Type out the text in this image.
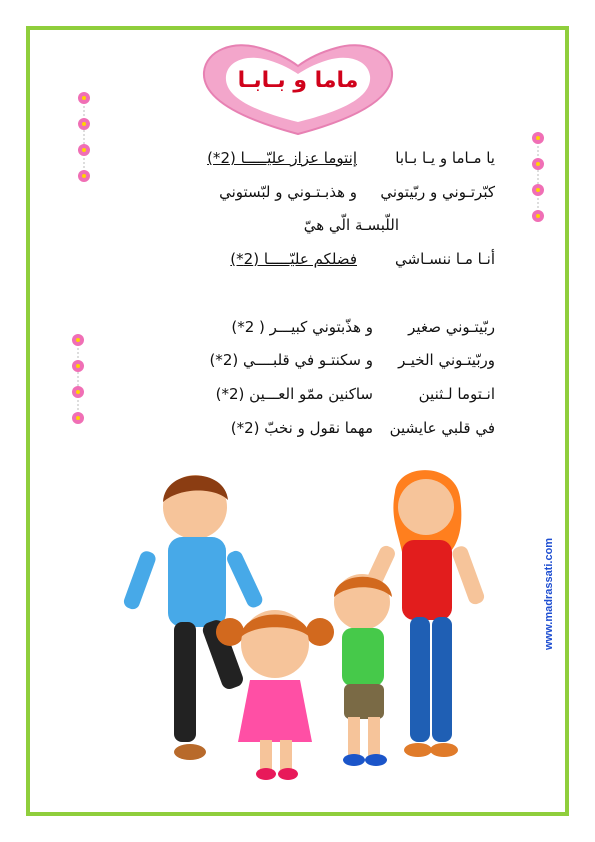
ماما و بـابـا
يا مـاما و يـا بـابا
إنتوما عزاز عليّـــــا (2*)
كبّرتـوني و ربّيتوني
و هذبـتـوني و لبّستوني
اللّبسـة الّي هيّ
أنـا مـا ننسـاشي
فضلكم عليّـــــا (2*)
ربّيتـوني صغير
و هذّبتوني كبيـــر ( 2*)
وربّيتـوني الخيـر
و سكنتـو في قلبــــي (2*)
انـتوما لـثنين
ساكنين ممّو العـــين (2*)
في قلبي عايشين
مهما نقول و نخبّ (2*)
www.madrassati.com
